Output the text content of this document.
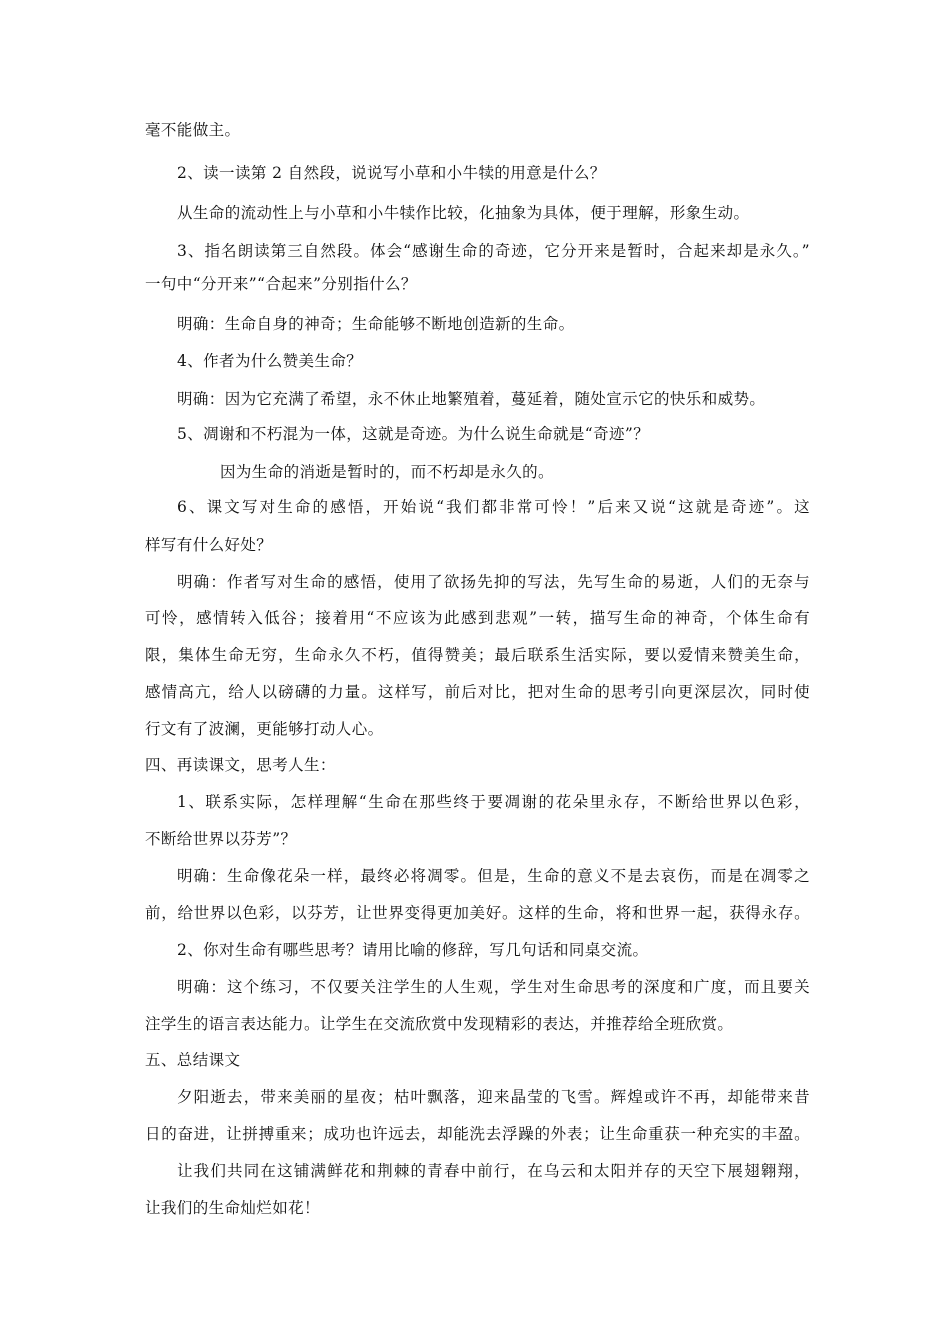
毫不能做主。
2、读一读第 2 自然段，说说写小草和小牛犊的用意是什么？
从生命的流动性上与小草和小牛犊作比较，化抽象为具体，便于理解，形象生动。
3、指名朗读第三自然段。体会“感谢生命的奇迹，它分开来是暂时，合起来却是永久。”
一句中“分开来”“合起来”分别指什么？
明确：生命自身的神奇；生命能够不断地创造新的生命。
4、作者为什么赞美生命？
明确：因为它充满了希望，永不休止地繁殖着，蔓延着，随处宣示它的快乐和威势。
5、凋谢和不朽混为一体，这就是奇迹。为什么说生命就是“奇迹”？
因为生命的消逝是暂时的，而不朽却是永久的。
6、课文写对生命的感悟，开始说“我们都非常可怜！”后来又说“这就是奇迹”。这
样写有什么好处？
明确：作者写对生命的感悟，使用了欲扬先抑的写法，先写生命的易逝，人们的无奈与
可怜，感情转入低谷；接着用“不应该为此感到悲观”一转，描写生命的神奇，个体生命有
限，集体生命无穷，生命永久不朽，值得赞美；最后联系生活实际，要以爱情来赞美生命，
感情高亢，给人以磅礴的力量。这样写，前后对比，把对生命的思考引向更深层次，同时使
行文有了波澜，更能够打动人心。
四、再读课文，思考人生：
1、联系实际，怎样理解“生命在那些终于要凋谢的花朵里永存，不断给世界以色彩，
不断给世界以芬芳”？
明确：生命像花朵一样，最终必将凋零。但是，生命的意义不是去哀伤，而是在凋零之
前，给世界以色彩，以芬芳，让世界变得更加美好。这样的生命，将和世界一起，获得永存。
2、你对生命有哪些思考？请用比喻的修辞，写几句话和同桌交流。
明确：这个练习，不仅要关注学生的人生观，学生对生命思考的深度和广度，而且要关
注学生的语言表达能力。让学生在交流欣赏中发现精彩的表达，并推荐给全班欣赏。
五、总结课文
夕阳逝去，带来美丽的星夜；枯叶飘落，迎来晶莹的飞雪。辉煌或许不再，却能带来昔
日的奋进，让拼搏重来；成功也许远去，却能洗去浮躁的外表；让生命重获一种充实的丰盈。
让我们共同在这铺满鲜花和荆棘的青春中前行，在乌云和太阳并存的天空下展翅翱翔，
让我们的生命灿烂如花！
